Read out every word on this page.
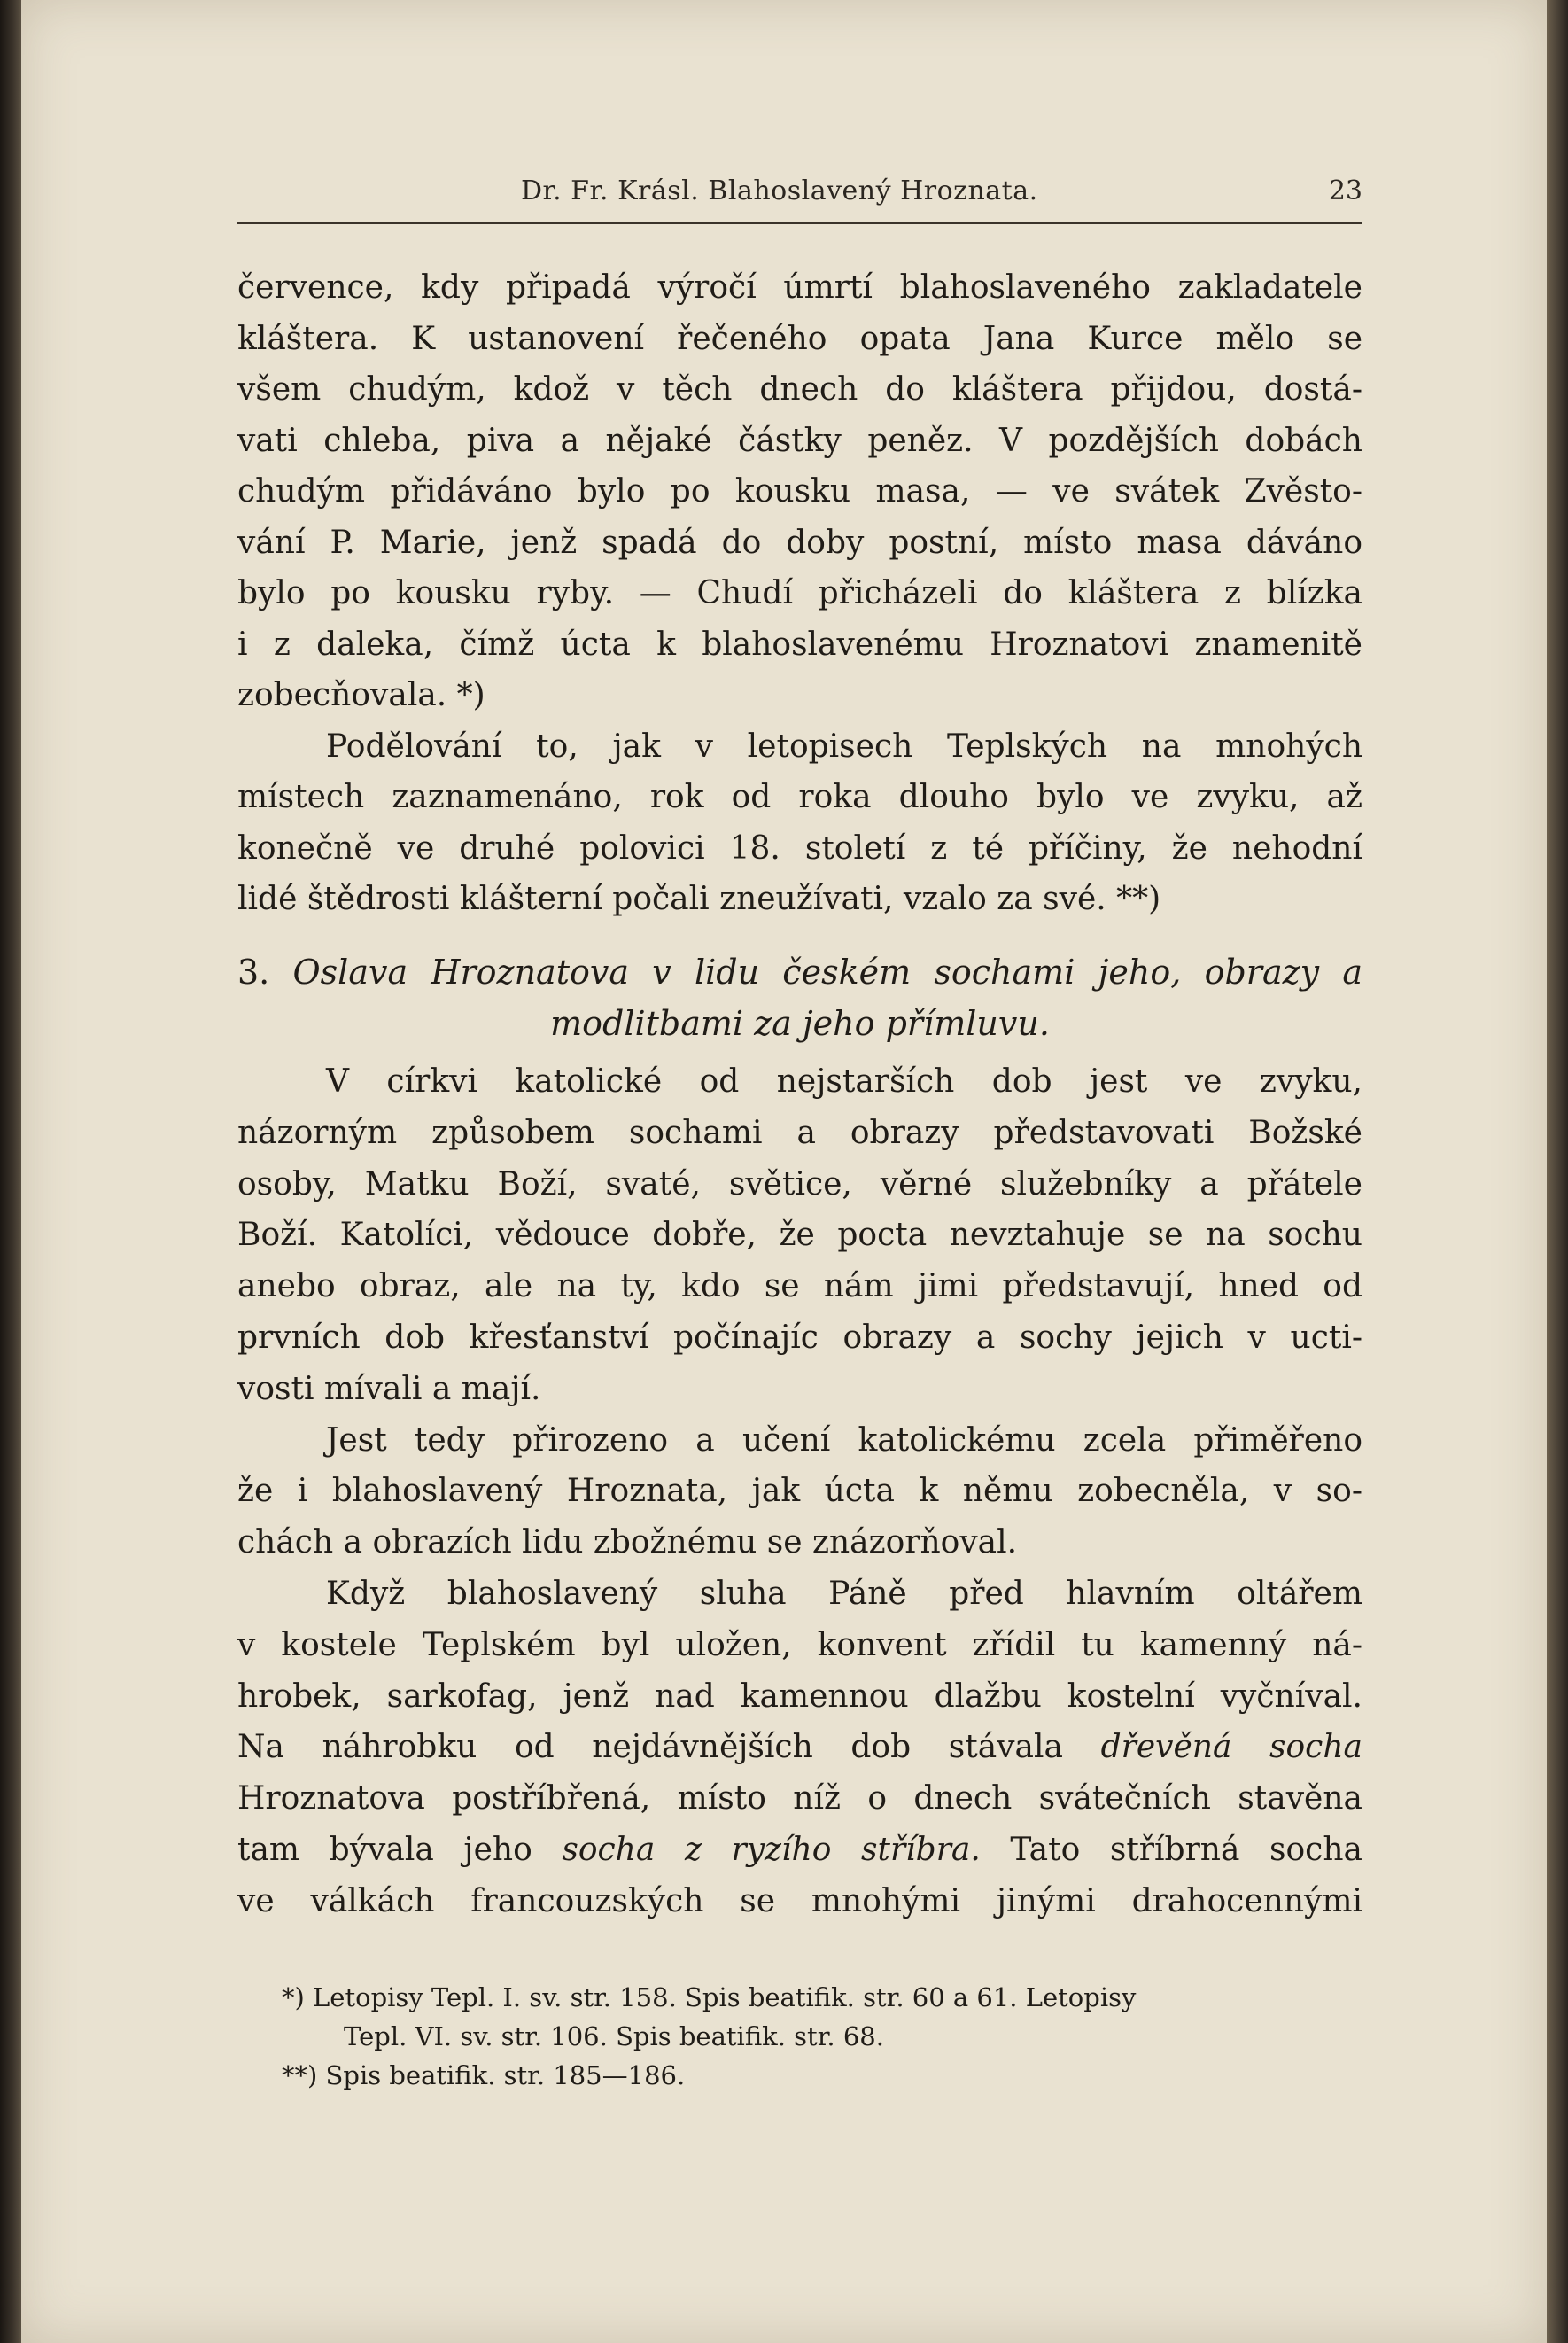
Dr. Fr. Krásl. Blahoslavený Hroznata.	23
července, kdy připadá výročí úmrtí blahoslaveného zakladatele
kláštera. K ustanovení řečeného opata Jana Kurce mělo se
všem chudým, kdož v těch dnech do kláštera přijdou, dostá-
vati chleba, piva a nějaké částky peněz. V pozdějších dobách
chudým přidáváno bylo po kousku masa, — ve svátek Zvěsto-
vání P. Marie, jenž spadá do doby postní, místo masa dáváno
bylo po kousku ryby. — Chudí přicházeli do kláštera z blízka
i z daleka, čímž úcta k blahoslavenému Hroznatovi znamenitě
zobecňovala. *)
Podělování to, jak v letopisech Teplských na mnohých
místech zaznamenáno, rok od roka dlouho bylo ve zvyku, až
konečně ve druhé polovici 18. století z té příčiny, že nehodní
lidé štědrosti klášterní počali zneužívati, vzalo za své. **)
3. Oslava Hroznatova v lidu českém sochami jeho, obrazy a
modlitbami za jeho přímluvu.
V církvi katolické od nejstarších dob jest ve zvyku,
názorným způsobem sochami a obrazy představovati Božské
osoby, Matku Boží, svaté, světice, věrné služebníky a přátele
Boží. Katolíci, vědouce dobře, že pocta nevztahuje se na sochu
anebo obraz, ale na ty, kdo se nám jimi představují, hned od
prvních dob křesťanství počínajíc obrazy a sochy jejich v ucti-
vosti mívali a mají.
Jest tedy přirozeno a učení katolickému zcela přiměřeno
že i blahoslavený Hroznata, jak úcta k němu zobecněla, v so-
chách a obrazích lidu zbožnému se znázorňoval.
Když blahoslavený sluha Páně před hlavním oltářem
v kostele Teplském byl uložen, konvent zřídil tu kamenný ná-
hrobek, sarkofag, jenž nad kamennou dlažbu kostelní vyčníval.
Na náhrobku od nejdávnějších dob stávala dřevěná socha
Hroznatova postříbřená, místo níž o dnech svátečních stavěna
tam bývala jeho socha z ryzího stříbra. Tato stříbrná socha
ve válkách francouzských se mnohými jinými drahocennými
*) Letopisy Tepl. I. sv. str. 158. Spis beatifik. str. 60 a 61. Letopisy
Tepl. VI. sv. str. 106. Spis beatifik. str. 68.
**) Spis beatifik. str. 185—186.
